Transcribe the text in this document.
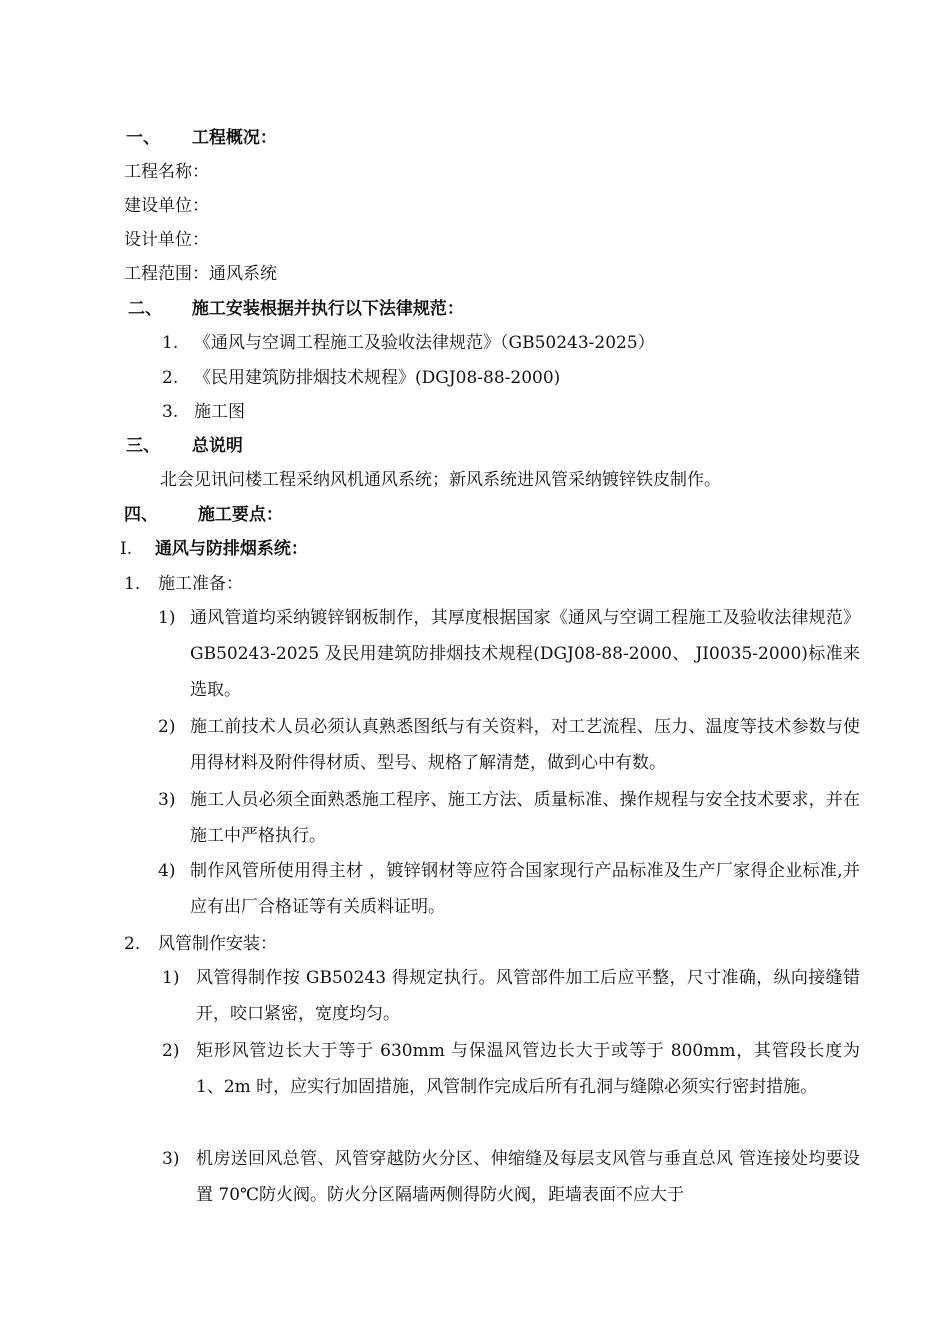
一、 工程概况：
工程名称：
建设单位：
设计单位：
工程范围：通风系统
二、 施工安装根据并执行以下法律规范：
1. 《通风与空调工程施工及验收法律规范》（GB50243-2025）
2. 《民用建筑防排烟技术规程》(DGJ08-88-2000)
3. 施工图
三、 总说明
北会见讯问楼工程采纳风机通风系统；新风系统进风管采纳镀锌铁皮制作。
四、 施工要点：
I. 通风与防排烟系统：
1. 施工准备：
1) 通风管道均采纳镀锌钢板制作，其厚度根据国家《通风与空调工程施工及验收法律规范》GB50243-2025 及民用建筑防排烟技术规程(DGJ08-88-2000、 JI0035-2000)标准来选取。
2) 施工前技术人员必须认真熟悉图纸与有关资料，对工艺流程、压力、温度等技术参数与使用得材料及附件得材质、型号、规格了解清楚，做到心中有数。
3) 施工人员必须全面熟悉施工程序、施工方法、质量标准、操作规程与安全技术要求，并在施工中严格执行。
4) 制作风管所使用得主材 ，镀锌钢材等应符合国家现行产品标准及生产厂家得企业标准,并应有出厂合格证等有关质料证明。
2. 风管制作安装：
1) 风管得制作按 GB50243 得规定执行。风管部件加工后应平整，尺寸准确，纵向接缝错开，咬口紧密，宽度均匀。
2) 矩形风管边长大于等于 630mm 与保温风管边长大于或等于 800mm，其管段长度为 1、2m 时，应实行加固措施，风管制作完成后所有孔洞与缝隙必须实行密封措施。
3) 机房送回风总管、风管穿越防火分区、伸缩缝及每层支风管与垂直总风 管连接处均要设置 70℃防火阀。防火分区隔墙两侧得防火阀，距墙表面不应大于
